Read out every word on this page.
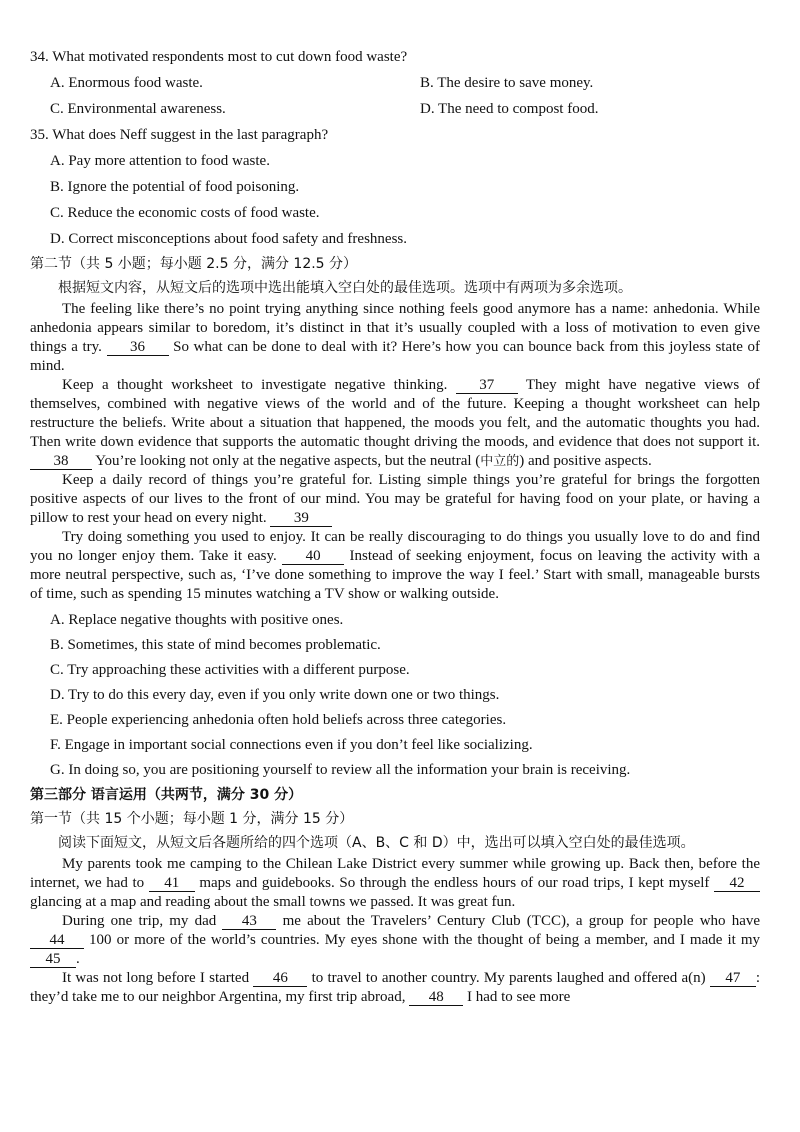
34. What motivated respondents most to cut down food waste?
A. Enormous food waste.	B. The desire to save money.
C. Environmental awareness.	D. The need to compost food.
35. What does Neff suggest in the last paragraph?
A. Pay more attention to food waste.
B. Ignore the potential of food poisoning.
C. Reduce the economic costs of food waste.
D. Correct misconceptions about food safety and freshness.
第二节（共 5 小题；每小题 2.5 分，满分 12.5 分）
根据短文内容，从短文后的选项中选出能填入空白处的最佳选项。选项中有两项为多余选项。

The feeling like there’s no point trying anything since nothing feels good anymore has a name: anhedonia. While anhedonia appears similar to boredom, it’s distinct in that it’s usually coupled with a loss of motivation to even give things a try. 36 So what can be done to deal with it? Here’s how you can bounce back from this joyless state of mind.

Keep a thought worksheet to investigate negative thinking. 37 They might have negative views of themselves, combined with negative views of the world and of the future. Keeping a thought worksheet can help restructure the beliefs. Write about a situation that happened, the moods you felt, and the automatic thoughts you had. Then write down evidence that supports the automatic thought driving the moods, and evidence that does not support it. 38 You’re looking not only at the negative aspects, but the neutral (中立的) and positive aspects.

Keep a daily record of things you’re grateful for. Listing simple things you’re grateful for brings the forgotten positive aspects of our lives to the front of our mind. You may be grateful for having food on your plate, or having a pillow to rest your head on every night. 39

Try doing something you used to enjoy. It can be really discouraging to do things you usually love to do and find you no longer enjoy them. Take it easy. 40 Instead of seeking enjoyment, focus on leaving the activity with a more neutral perspective, such as, ‘I’ve done something to improve the way I feel.’ Start with small, manageable bursts of time, such as spending 15 minutes watching a TV show or walking outside.

A. Replace negative thoughts with positive ones.
B. Sometimes, this state of mind becomes problematic.
C. Try approaching these activities with a different purpose.
D. Try to do this every day, even if you only write down one or two things.
E. People experiencing anhedonia often hold beliefs across three categories.
F. Engage in important social connections even if you don’t feel like socializing.
G. In doing so, you are positioning yourself to review all the information your brain is receiving.
第三部分 语言运用（共两节，满分 30 分）
第一节（共 15 个小题；每小题 1 分，满分 15 分）
阅读下面短文，从短文后各题所给的四个选项（A、B、C 和 D）中，选出可以填入空白处的最佳选项。

My parents took me camping to the Chilean Lake District every summer while growing up. Back then, before the internet, we had to 41 maps and guidebooks. So through the endless hours of our road trips, I kept myself 42 glancing at a map and reading about the small towns we passed. It was great fun.

During one trip, my dad 43 me about the Travelers’ Century Club (TCC), a group for people who have 44 100 or more of the world’s countries. My eyes shone with the thought of being a member, and I made it my 45 .

It was not long before I started 46 to travel to another country. My parents laughed and offered a(n) 47 : they’d take me to our neighbor Argentina, my first trip abroad, 48 I had to see more
